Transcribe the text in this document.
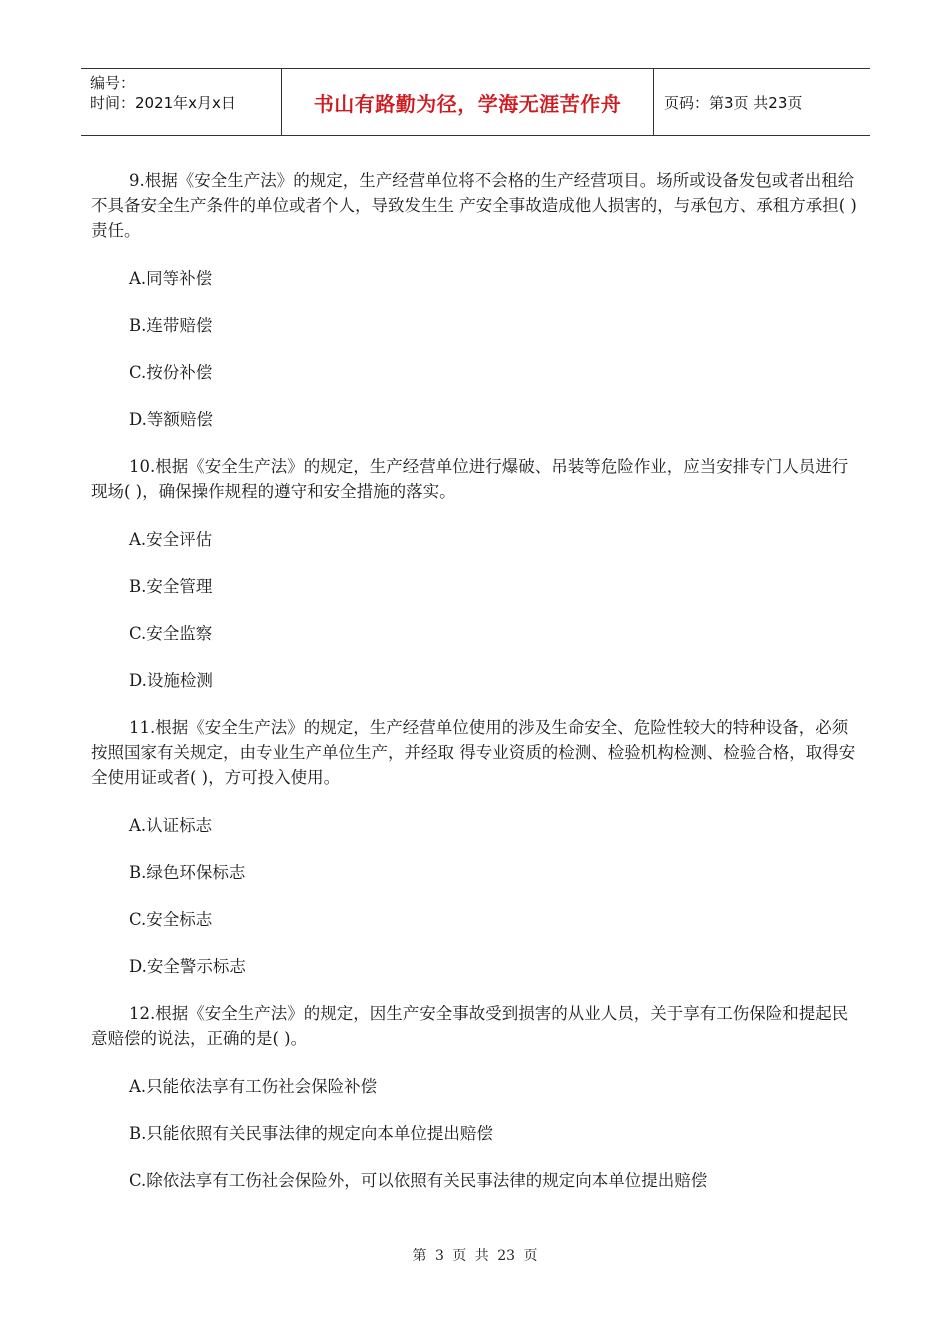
编号：
时间：2021年x月x日	书山有路勤为径，学海无涯苦作舟	页码：第3页 共23页

9.根据《安全生产法》的规定，生产经营单位将不会格的生产经营项目。场所或设备发包或者出租给不具备安全生产条件的单位或者个人，导致发生生 产安全事故造成他人损害的，与承包方、承租方承担( )责任。

A.同等补偿

B.连带赔偿

C.按份补偿

D.等额赔偿

10.根据《安全生产法》的规定，生产经营单位进行爆破、吊装等危险作业，应当安排专门人员进行现场( )，确保操作规程的遵守和安全措施的落实。

A.安全评估

B.安全管理

C.安全监察

D.设施检测

11.根据《安全生产法》的规定，生产经营单位使用的涉及生命安全、危险性较大的特种设备，必须按照国家有关规定，由专业生产单位生产，并经取 得专业资质的检测、检验机构检测、检验合格，取得安全使用证或者( )，方可投入使用。

A.认证标志

B.绿色环保标志

C.安全标志

D.安全警示标志

12.根据《安全生产法》的规定，因生产安全事故受到损害的从业人员，关于享有工伤保险和提起民意赔偿的说法，正确的是( )。

A.只能依法享有工伤社会保险补偿

B.只能依照有关民事法律的规定向本单位提出赔偿

C.除依法享有工伤社会保险外，可以依照有关民事法律的规定向本单位提出赔偿

第 3 页 共 23 页
